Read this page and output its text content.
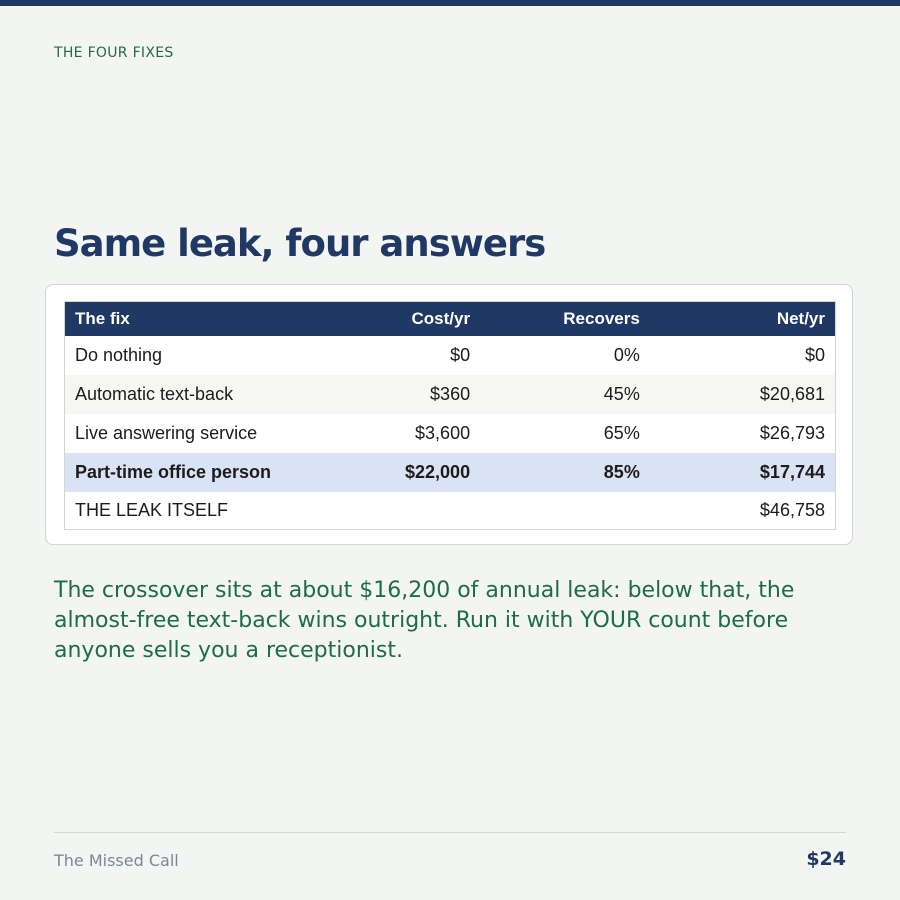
THE FOUR FIXES
Same leak, four answers
The fix	Cost/yr	Recovers	Net/yr
Do nothing	$0	0%	$0
Automatic text-back	$360	45%	$20,681
Live answering service	$3,600	65%	$26,793
Part-time office person	$22,000	85%	$17,744
THE LEAK ITSELF			$46,758

The crossover sits at about $16,200 of annual leak: below that, the almost-free text-back wins outright. Run it with YOUR count before anyone sells you a receptionist.

The Missed Call	$24
